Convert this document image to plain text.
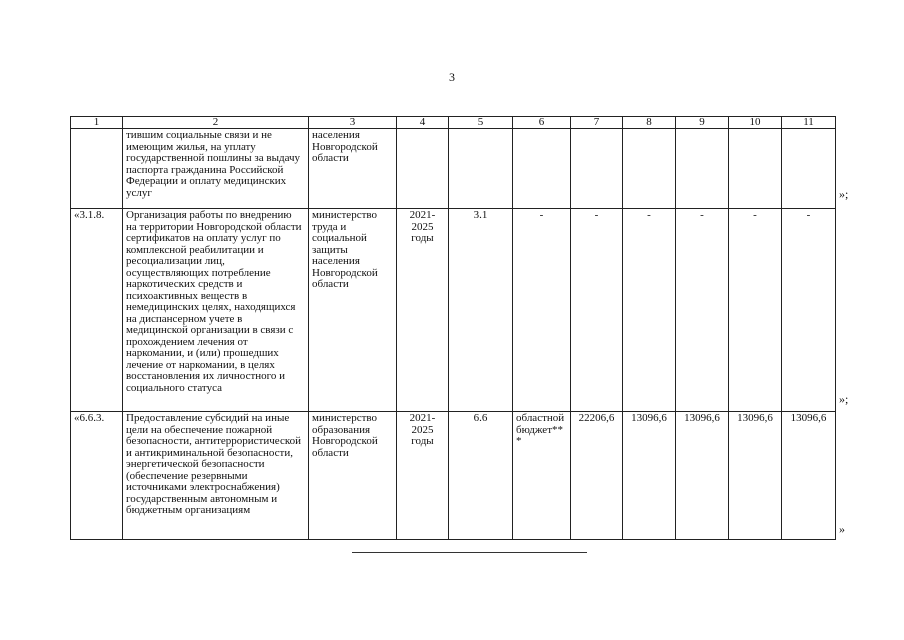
3
1	2	3	4	5	6	7	8	9	10	11
	тившим социальные связи и не имеющим жилья, на уплату государственной пошлины за выдачу паспорта гражданина Российской Федерации и оплату медицинских услуг	населения Новгородской области								
«3.1.8.	Организация работы по внедрению на территории Новгородской области сертификатов на оплату услуг по комплексной реабилитации и ресоциализации лиц, осуществляющих потребление наркотических средств и психоактивных веществ в немедицинских целях, находящихся на диспансерном учете в медицинской организации в связи с прохождением лечения от наркомании, и (или) прошедших лечение от наркомании, в целях восстановления их личностного и социального статуса	министерство труда и социальной защиты населения Новгородской области	2021-2025 годы	3.1	-	-	-	-	-	-
«6.6.3.	Предоставление субсидий на иные цели на обеспечение пожарной безопасности, антитеррористической и антикриминальной безопасности, энергетической безопасности (обеспечение резервными источниками электроснабжения) государственным автономным и бюджетным организациям	министерство образования Новгородской области	2021-2025 годы	6.6	областной бюджет***	22206,6	13096,6	13096,6	13096,6	13096,6
»;
»;
»
